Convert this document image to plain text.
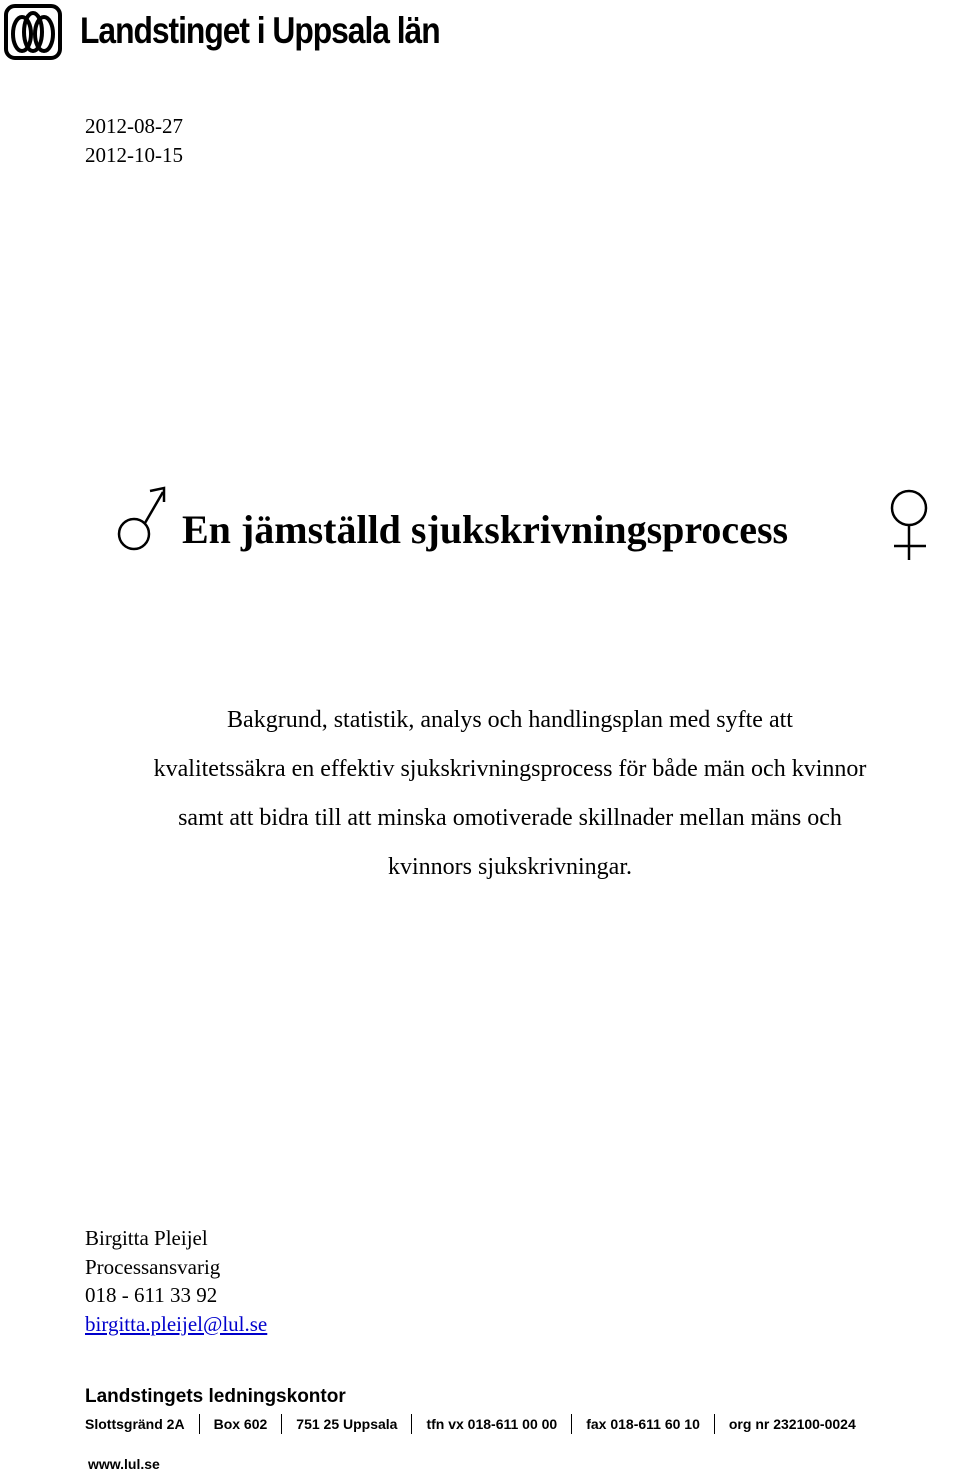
Landstinget i Uppsala län
2012-08-27
2012-10-15
En jämställd sjukskrivningsprocess
Bakgrund, statistik, analys och handlingsplan med syfte att
kvalitetssäkra en effektiv sjukskrivningsprocess för både män och kvinnor
samt att bidra till att minska omotiverade skillnader mellan mäns och
kvinnors sjukskrivningar.
Birgitta Pleijel
Processansvarig
018 - 611 33 92
birgitta.pleijel@lul.se
Landstingets ledningskontor
Slottsgränd 2A	Box 602	751 25 Uppsala	tfn vx 018-611 00 00	fax 018-611 60 10	org nr 232100-0024
www.lul.se
